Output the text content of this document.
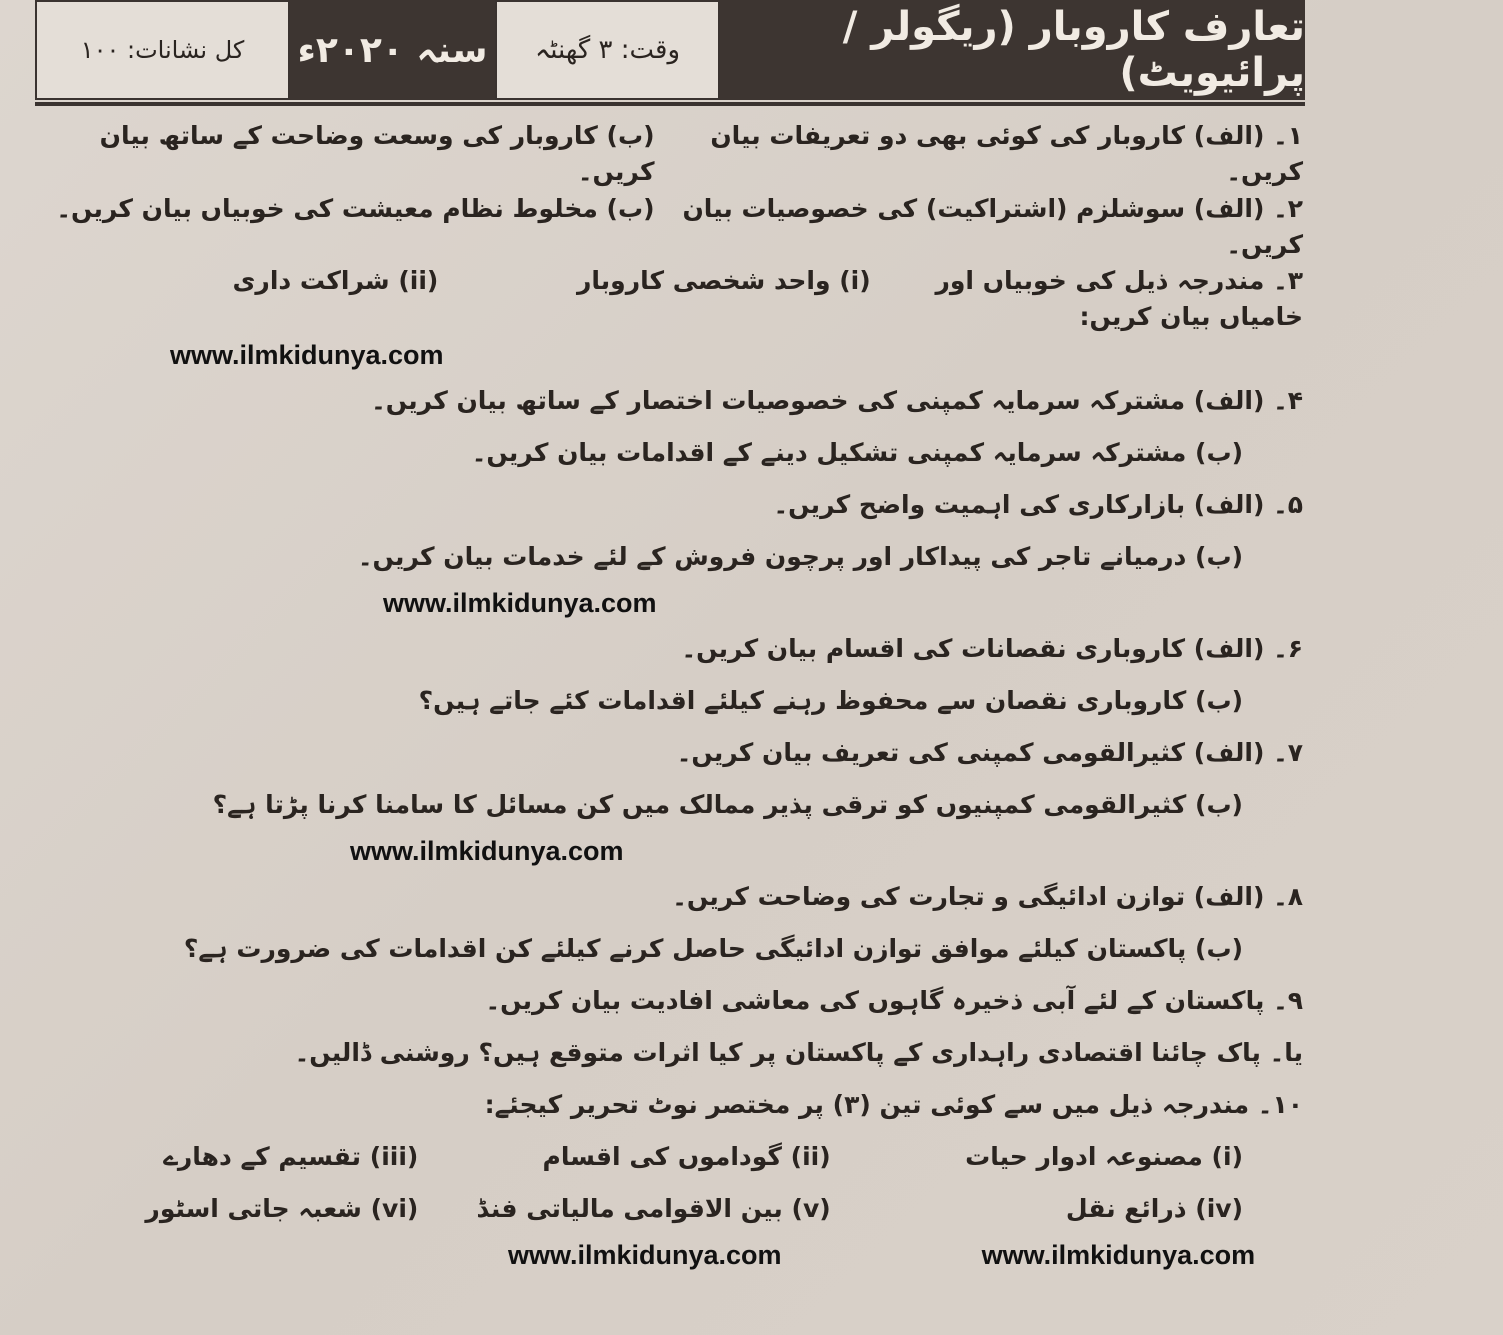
تعارف کاروبار (ریگولر / پرائیویٹ)
وقت: ۳ گھنٹہ
سنہ ۲۰۲۰ء
کل نشانات: ۱۰۰
۱۔ (الف) کاروبار کی کوئی بھی دو تعریفات بیان کریں۔
(ب) کاروبار کی وسعت وضاحت کے ساتھ بیان کریں۔
۲۔ (الف) سوشلزم (اشتراکیت) کی خصوصیات بیان کریں۔
(ب) مخلوط نظام معیشت کی خوبیاں بیان کریں۔
۳۔ مندرجہ ذیل کی خوبیاں اور خامیاں بیان کریں:
(i) واحد شخصی کاروبار
(ii) شراکت داری
www.ilmkidunya.com
۴۔ (الف) مشترکہ سرمایہ کمپنی کی خصوصیات اختصار کے ساتھ بیان کریں۔
(ب) مشترکہ سرمایہ کمپنی تشکیل دینے کے اقدامات بیان کریں۔
۵۔ (الف) بازارکاری کی اہمیت واضح کریں۔
(ب) درمیانے تاجر کی پیداکار اور پرچون فروش کے لئے خدمات بیان کریں۔
www.ilmkidunya.com
۶۔ (الف) کاروباری نقصانات کی اقسام بیان کریں۔
(ب) کاروباری نقصان سے محفوظ رہنے کیلئے اقدامات کئے جاتے ہیں؟
۷۔ (الف) کثیرالقومی کمپنی کی تعریف بیان کریں۔
(ب) کثیرالقومی کمپنیوں کو ترقی پذیر ممالک میں کن مسائل کا سامنا کرنا پڑتا ہے؟
www.ilmkidunya.com
۸۔ (الف) توازن ادائیگی و تجارت کی وضاحت کریں۔
(ب) پاکستان کیلئے موافق توازن ادائیگی حاصل کرنے کیلئے کن اقدامات کی ضرورت ہے؟
۹۔ پاکستان کے لئے آبی ذخیرہ گاہوں کی معاشی افادیت بیان کریں۔
یا۔ پاک چائنا اقتصادی راہداری کے پاکستان پر کیا اثرات متوقع ہیں؟ روشنی ڈالیں۔
۱۰۔ مندرجہ ذیل میں سے کوئی تین (۳) پر مختصر نوٹ تحریر کیجئے:
(i) مصنوعہ ادوار حیات
(ii) گوداموں کی اقسام
(iii) تقسیم کے دھارے
(iv) ذرائع نقل
(v) بین الاقوامی مالیاتی فنڈ
(vi) شعبہ جاتی اسٹور
www.ilmkidunya.com	www.ilmkidunya.com
